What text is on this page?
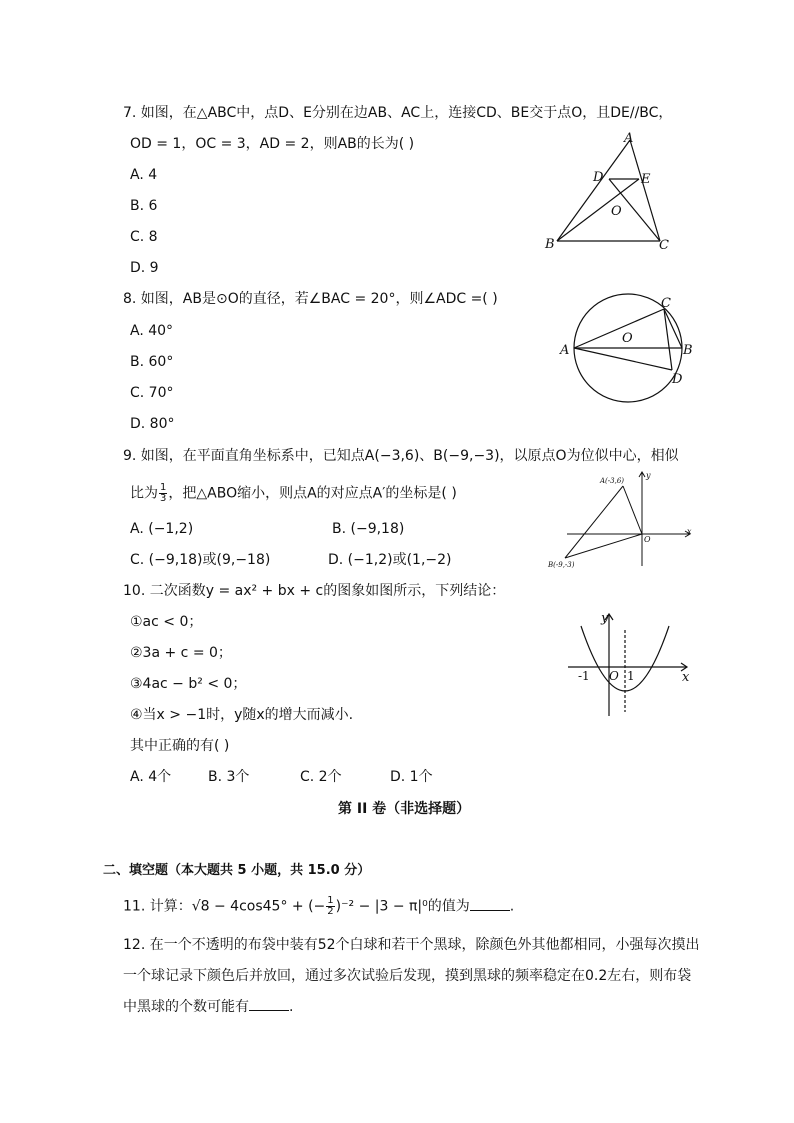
7. 如图，在△ABC中，点D、E分别在边AB、AC上，连接CD、BE交于点O，且DE//BC，
OD = 1，OC = 3，AD = 2，则AB的长为( )
A. 4
B. 6
C. 8
D. 9
A
B	C
D	E
O
8. 如图，AB是⊙O的直径，若∠BAC = 20°，则∠ADC =( )
A. 40°
B. 60°
C. 70°
D. 80°
A	B
C
D
O
9. 如图，在平面直角坐标系中，已知点A(−3,6)、B(−9,−3)，以原点O为位似中心，相似
比为 $\frac{1}{3}$ ，把△ABO缩小，则点A的对应点A′的坐标是( )
A. (−1,2)	B. (−9,18)
C. (−9,18)或(9,−18)	D. (−1,2)或(1,−2)
A(-3,6)
B(-9,-3)
O
x
y
10. 二次函数y = ax² + bx + c的图象如图所示，下列结论：
①ac < 0；
②3a + c = 0；
③4ac − b² < 0；
④当x > −1时，y随x的增大而减小.
其中正确的有( )
A. 4个	B. 3个	C. 2个	D. 1个
y
x
-1 O 1
第 II 卷（非选择题）
二、填空题（本大题共 5 小题，共 15.0 分）
11. 计算：√8 − 4cos45° + (− $\frac{1}{2} )^{-2} - |3 - \pi|^0$的值为	.
12. 在一个不透明的布袋中装有52个白球和若干个黑球，除颜色外其他都相同，小强每次摸出
一个球记录下颜色后并放回，通过多次试验后发现，摸到黑球的频率稳定在0.2左右，则布袋
中黑球的个数可能有	.
